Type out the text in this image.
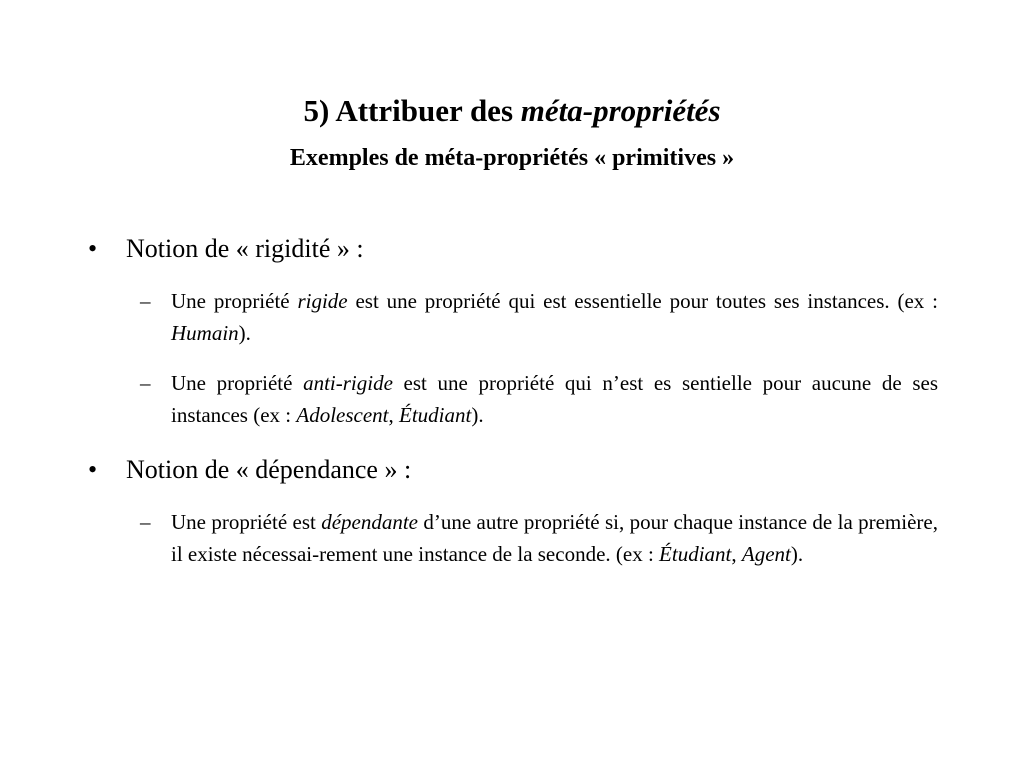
5) Attribuer des méta-propriétés
Exemples de méta-propriétés « primitives »
• Notion de « rigidité » :
– Une propriété rigide est une propriété qui est essentielle pour toutes ses instances. (ex : Humain).
– Une propriété anti-rigide est une propriété qui n’est es sentielle pour aucune de ses instances (ex : Adolescent, Étudiant).
• Notion de « dépendance » :
– Une propriété est dépendante d’une autre propriété si, pour chaque instance de la première, il existe nécessai-rement une instance de la seconde. (ex : Étudiant, Agent).
